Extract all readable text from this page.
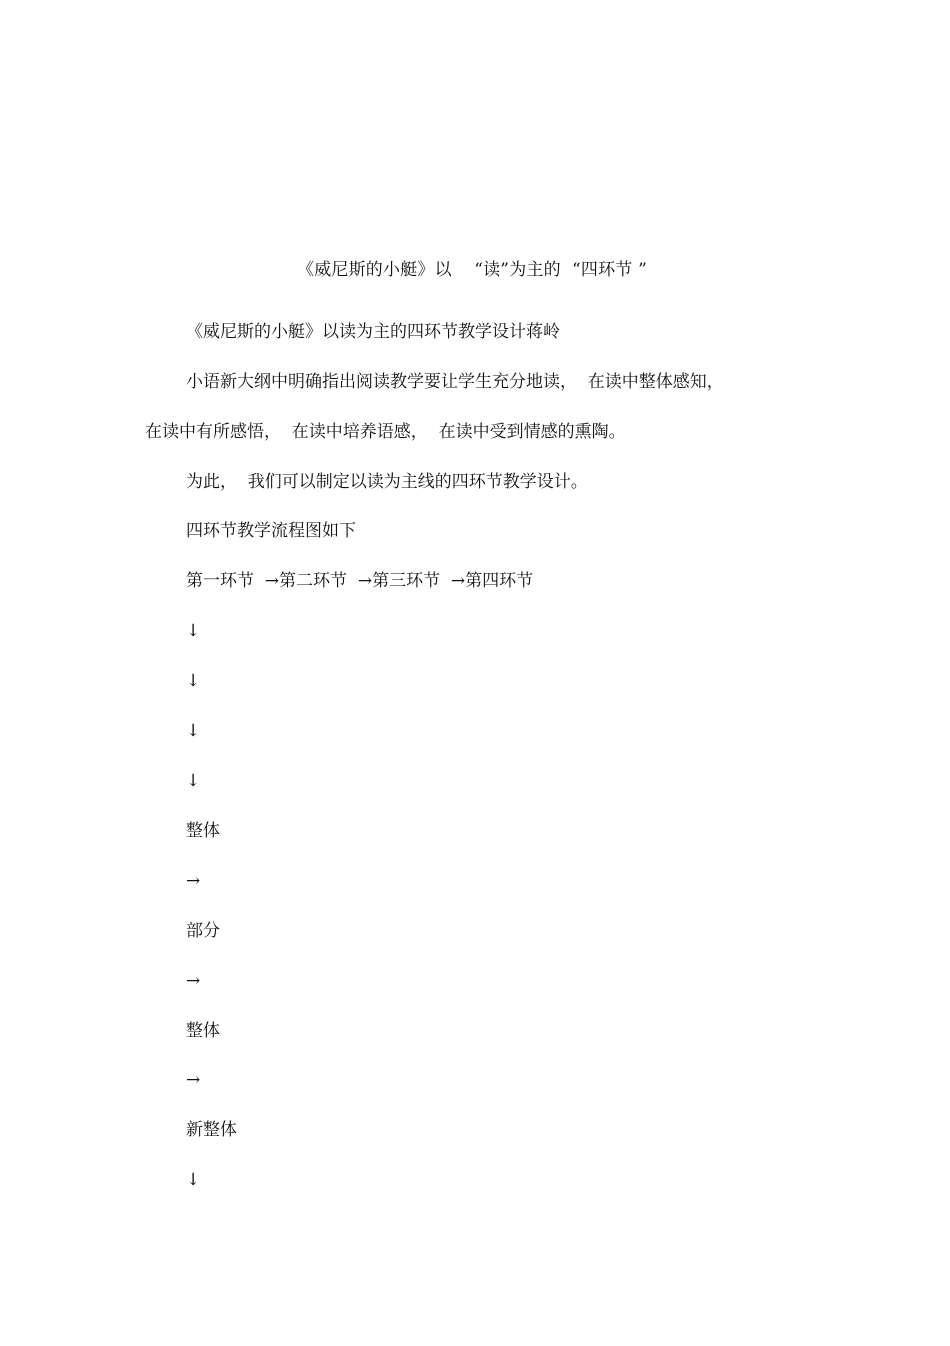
《威尼斯的小艇》以    “读”为主的  “四环节 ”
《威尼斯的小艇》以读为主的四环节教学设计蒋岭
小语新大纲中明确指出阅读教学要让学生充分地读，  在读中整体感知，
在读中有所感悟，  在读中培养语感，  在读中受到情感的熏陶。
为此，  我们可以制定以读为主线的四环节教学设计。
四环节教学流程图如下
第一环节  →第二环节  →第三环节  →第四环节
↓
↓
↓
↓
整体
→
部分
→
整体
→
新整体
↓
